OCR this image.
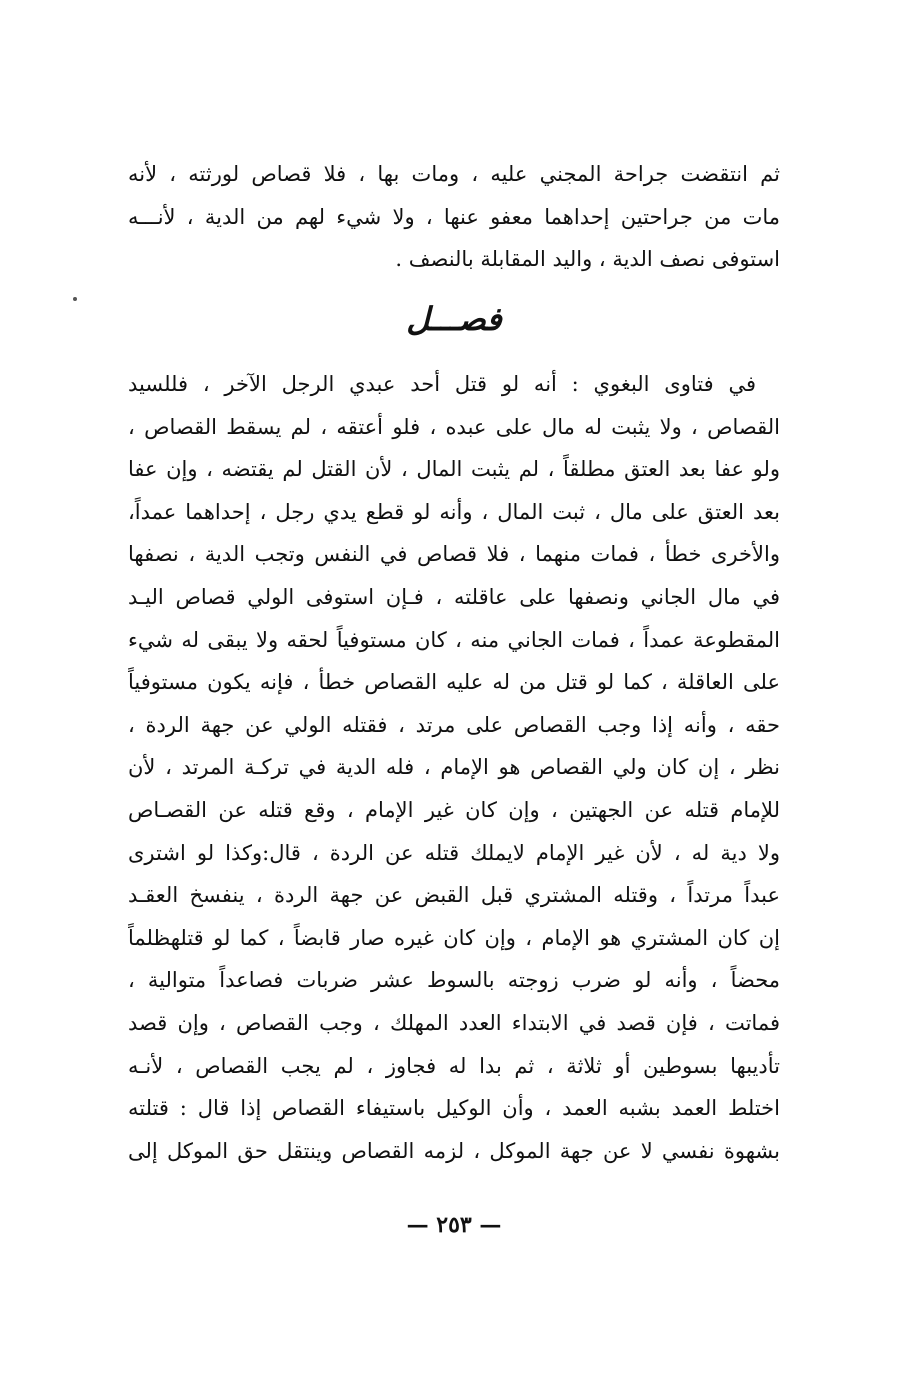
ثم انتقضت جراحة المجني عليه ، ومات بها ، فلا قصاص لورثته ، لأنه
مات من جراحتين إحداهما معفو عنها ، ولا شيء لهم من الدية ، لأنـــه
استوفى نصف الدية ، واليد المقابلة بالنصف .
فصـــل
في فتاوى البغوي : أنه لو قتل أحد عبدي الرجل الآخر ، فللسيد
القصاص ، ولا يثبت له مال على عبده ، فلو أعتقه ، لم يسقط القصاص ،
ولو عفا بعد العتق مطلقاً ، لم يثبت المال ، لأن القتل لم يقتضه ، وإن عفا
بعد العتق على مال ، ثبت المال ، وأنه لو قطع يدي رجل ، إحداهما عمداً،
والأخرى خطأ ، فمات منهما ، فلا قصاص في النفس وتجب الدية ، نصفها
في مال الجاني ونصفها على عاقلته ، فـإن استوفى الولي قصاص اليـد
المقطوعة عمداً ، فمات الجاني منه ، كان مستوفياً لحقه ولا يبقى له شيء
على العاقلة ، كما لو قتل من له عليه القصاص خطأ ، فإنه يكون مستوفياً
حقه ، وأنه إذا وجب القصاص على مرتد ، فقتله الولي عن جهة الردة ،
نظر ، إن كان ولي القصاص هو الإمام ، فله الدية في تركـة المرتد ، لأن
للإمام قتله عن الجهتين ، وإن كان غير الإمام ، وقع قتله عن القصـاص
ولا دية له ، لأن غير الإمام لايملك قتله عن الردة ، قال:وكذا لو اشترى
عبداً مرتداً ، وقتله المشتري قبل القبض عن جهة الردة ، ينفسخ العقـد
إن كان المشتري هو الإمام ، وإن كان غيره صار قابضاً ، كما لو قتلهظلماً
محضاً ، وأنه لو ضرب زوجته بالسوط عشر ضربات فصاعداً متوالية ،
فماتت ، فإن قصد في الابتداء العدد المهلك ، وجب القصاص ، وإن قصد
تأديبها بسوطين أو ثلاثة ، ثم بدا له فجاوز ، لم يجب القصاص ، لأنـه
اختلط العمد بشبه العمد ، وأن الوكيل باستيفاء القصاص إذا قال : قتلته
بشهوة نفسي لا عن جهة الموكل ، لزمه القصاص وينتقل حق الموكل إلى
— ٢٥٣ —
